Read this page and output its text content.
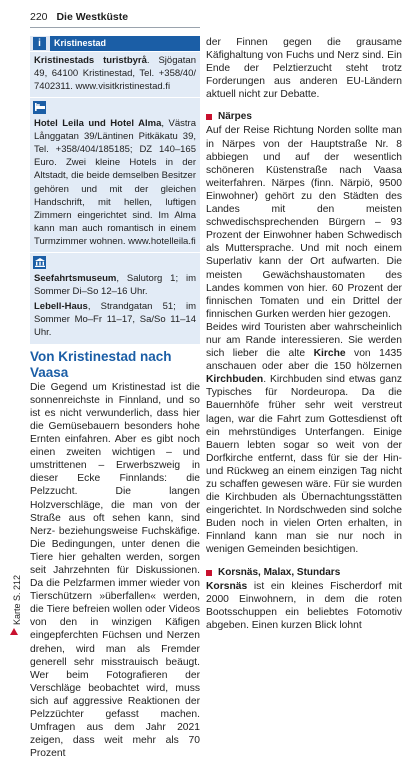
220 Die Westküste
Karte S. 212
i	Kristinestad
Kristinestads turistbyrå. Sjögatan 49, 64100 Kristinestad, Tel. +358/40/ 7402311. www.visitkristinestad.fi
Hotel Leila und Hotel Alma, Västra Långgatan 39/Läntinen Pitkäkatu 39, Tel. +358/404/185185; DZ 140–165 Euro. Zwei kleine Hotels in der Altstadt, die beide demselben Besitzer gehören und mit der gleichen Handschrift, mit hellen, luftigen Zimmern eingerichtet sind. Im Alma kann man auch romantisch in einem Turmzimmer wohnen. www.hotelleila.fi
Seefahrtsmuseum, Salutorg 1; im Sommer Di–So 12–16 Uhr.
Lebell-Haus, Strandgatan 51; im Sommer Mo–Fr 11–17, Sa/So 11–14 Uhr.
Von Kristinestad nach Vaasa
Die Gegend um Kristinestad ist die sonnenreichste in Finnland, und so ist es nicht verwunderlich, dass hier die Gemüsebauern besonders hohe Ernten einfahren. Aber es gibt noch einen zweiten wichtigen – und umstrittenen – Erwerbszweig in dieser Ecke Finnlands: die Pelzzucht. Die langen Holzverschläge, die man von der Straße aus oft sehen kann, sind Nerz- beziehungsweise Fuchskäfige. Die Bedingungen, unter denen die Tiere hier gehalten werden, sorgen seit Jahrzehnten für Diskussionen. Da die Pelzfarmen immer wieder von Tierschützern »überfallen« werden, die Tiere befreien wollen oder Videos von den in winzigen Käfigen eingepferchten Füchsen und Nerzen drehen, wird man als Fremder generell sehr misstrauisch beäugt. Wer beim Fotografieren der Verschläge beobachtet wird, muss sich auf aggressive Reaktionen der Pelzzüchter gefasst machen. Umfragen aus dem Jahr 2021 zeigen, dass weit mehr als 70 Prozent
der Finnen gegen die grausame Käfighaltung von Fuchs und Nerz sind. Ein Ende der Pelztierzucht steht trotz Forderungen aus anderen EU-Ländern aktuell nicht zur Debatte.
Närpes
Auf der Reise Richtung Norden sollte man in Närpes von der Hauptstraße Nr. 8 abbiegen und auf der wesentlich schöneren Küstenstraße nach Vaasa weiterfahren. Närpes (finn. Närpiö, 9500 Einwohner) gehört zu den Städten des Landes mit den meisten schwedischsprechenden Bürgern – 93 Prozent der Einwohner haben Schwedisch als Muttersprache. Und mit noch einem Superlativ kann der Ort aufwarten. Die meisten Gewächshaustomaten des Landes kommen von hier. 60 Prozent der finnischen Tomaten und ein Drittel der finnischen Gurken werden hier gezogen.
Beides wird Touristen aber wahrscheinlich nur am Rande interessieren. Sie werden sich lieber die alte Kirche von 1435 anschauen oder aber die 150 hölzernen Kirchbuden. Kirchbuden sind etwas ganz Typisches für Nordeuropa. Da die Bauernhöfe früher sehr weit verstreut lagen, war die Fahrt zum Gottesdienst oft ein mehrstündiges Unterfangen. Einige Bauern lebten sogar so weit von der Dorfkirche entfernt, dass für sie der Hin- und Rückweg an einem einzigen Tag nicht zu schaffen gewesen wäre. Für sie wurden die Kirchbuden als Übernachtungsstätten eingerichtet. In Nordschweden sind solche Buden noch in vielen Orten erhalten, in Finnland kann man sie nur noch in wenigen Gemeinden besichtigen.
Korsnäs, Malax, Stundars
Korsnäs ist ein kleines Fischerdorf mit 2000 Einwohnern, in dem die roten Bootsschuppen ein beliebtes Fotomotiv abgeben. Einen kurzen Blick lohnt
